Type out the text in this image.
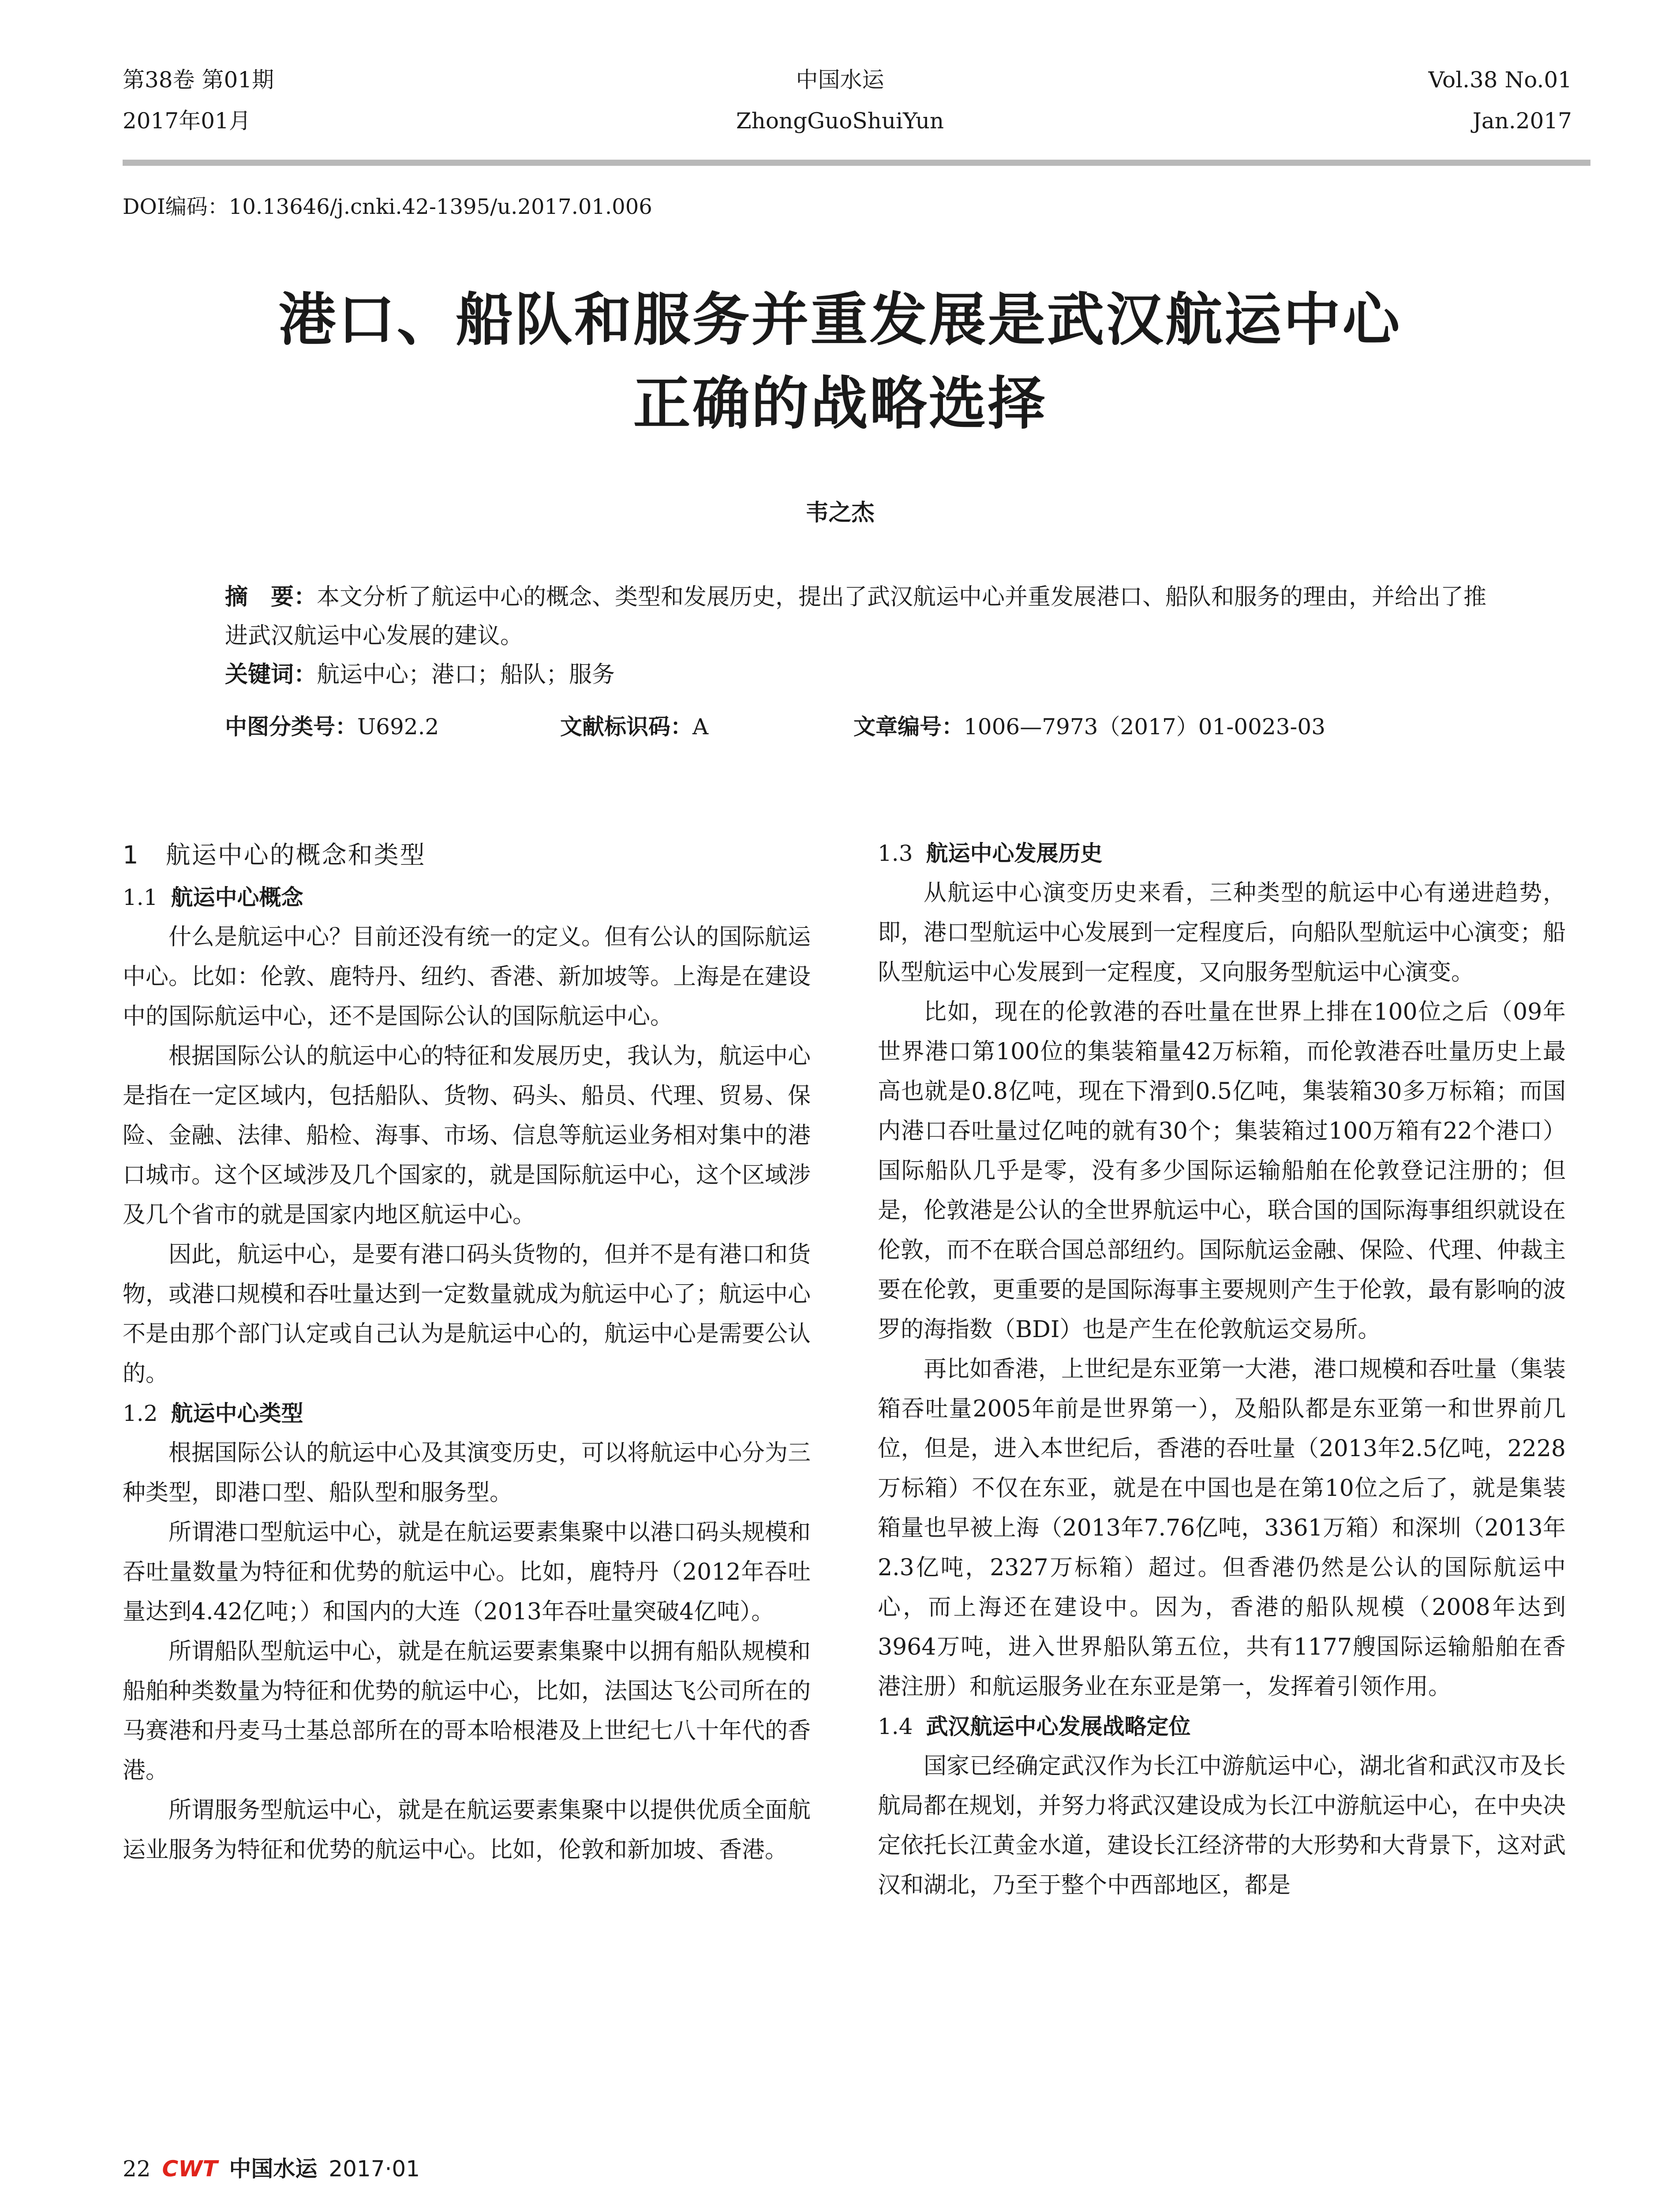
第38卷 第01期
2017年01月
中国水运
ZhongGuoShuiYun
Vol.38 No.01
Jan.2017
DOI编码：10.13646/j.cnki.42-1395/u.2017.01.006
港口、船队和服务并重发展是武汉航运中心
正确的战略选择
韦之杰
摘　要：本文分析了航运中心的概念、类型和发展历史，提出了武汉航运中心并重发展港口、船队和服务的理由，并给出了推进武汉航运中心发展的建议。
关键词：航运中心；港口；船队；服务
中图分类号：U692.2	文献标识码：A	文章编号：1006—7973（2017）01-0023-03
1　航运中心的概念和类型
1.1 航运中心概念

什么是航运中心？目前还没有统一的定义。但有公认的国际航运中心。比如：伦敦、鹿特丹、纽约、香港、新加坡等。上海是在建设中的国际航运中心，还不是国际公认的国际航运中心。

根据国际公认的航运中心的特征和发展历史，我认为，航运中心是指在一定区域内，包括船队、货物、码头、船员、代理、贸易、保险、金融、法律、船检、海事、市场、信息等航运业务相对集中的港口城市。这个区域涉及几个国家的，就是国际航运中心，这个区域涉及几个省市的就是国家内地区航运中心。

因此，航运中心，是要有港口码头货物的，但并不是有港口和货物，或港口规模和吞吐量达到一定数量就成为航运中心了；航运中心不是由那个部门认定或自己认为是航运中心的，航运中心是需要公认的。

1.2 航运中心类型

根据国际公认的航运中心及其演变历史，可以将航运中心分为三种类型，即港口型、船队型和服务型。

所谓港口型航运中心，就是在航运要素集聚中以港口码头规模和吞吐量数量为特征和优势的航运中心。比如，鹿特丹（2012年吞吐量达到4.42亿吨；）和国内的大连（2013年吞吐量突破4亿吨）。

所谓船队型航运中心，就是在航运要素集聚中以拥有船队规模和船舶种类数量为特征和优势的航运中心，比如，法国达飞公司所在的马赛港和丹麦马士基总部所在的哥本哈根港及上世纪七八十年代的香港。

所谓服务型航运中心，就是在航运要素集聚中以提供优质全面航运业服务为特征和优势的航运中心。比如，伦敦和新加坡、香港。

1.3 航运中心发展历史

从航运中心演变历史来看，三种类型的航运中心有递进趋势，即，港口型航运中心发展到一定程度后，向船队型航运中心演变；船队型航运中心发展到一定程度，又向服务型航运中心演变。

比如，现在的伦敦港的吞吐量在世界上排在100位之后（09年世界港口第100位的集装箱量42万标箱，而伦敦港吞吐量历史上最高也就是0.8亿吨，现在下滑到0.5亿吨，集装箱30多万标箱；而国内港口吞吐量过亿吨的就有30个；集装箱过100万箱有22个港口）国际船队几乎是零，没有多少国际运输船舶在伦敦登记注册的；但是，伦敦港是公认的全世界航运中心，联合国的国际海事组织就设在伦敦，而不在联合国总部纽约。国际航运金融、保险、代理、仲裁主要在伦敦，更重要的是国际海事主要规则产生于伦敦，最有影响的波罗的海指数（BDI）也是产生在伦敦航运交易所。

再比如香港，上世纪是东亚第一大港，港口规模和吞吐量（集装箱吞吐量2005年前是世界第一），及船队都是东亚第一和世界前几位，但是，进入本世纪后，香港的吞吐量（2013年2.5亿吨，2228万标箱）不仅在东亚，就是在中国也是在第10位之后了，就是集装箱量也早被上海（2013年7.76亿吨，3361万箱）和深圳（2013年2.3亿吨，2327万标箱）超过。但香港仍然是公认的国际航运中心，而上海还在建设中。因为，香港的船队规模（2008年达到3964万吨，进入世界船队第五位，共有1177艘国际运输船舶在香港注册）和航运服务业在东亚是第一，发挥着引领作用。

1.4 武汉航运中心发展战略定位

国家已经确定武汉作为长江中游航运中心，湖北省和武汉市及长航局都在规划，并努力将武汉建设成为长江中游航运中心，在中央决定依托长江黄金水道，建设长江经济带的大形势和大背景下，这对武汉和湖北，乃至于整个中西部地区，都是

22 CWT 中国水运 2017·01
